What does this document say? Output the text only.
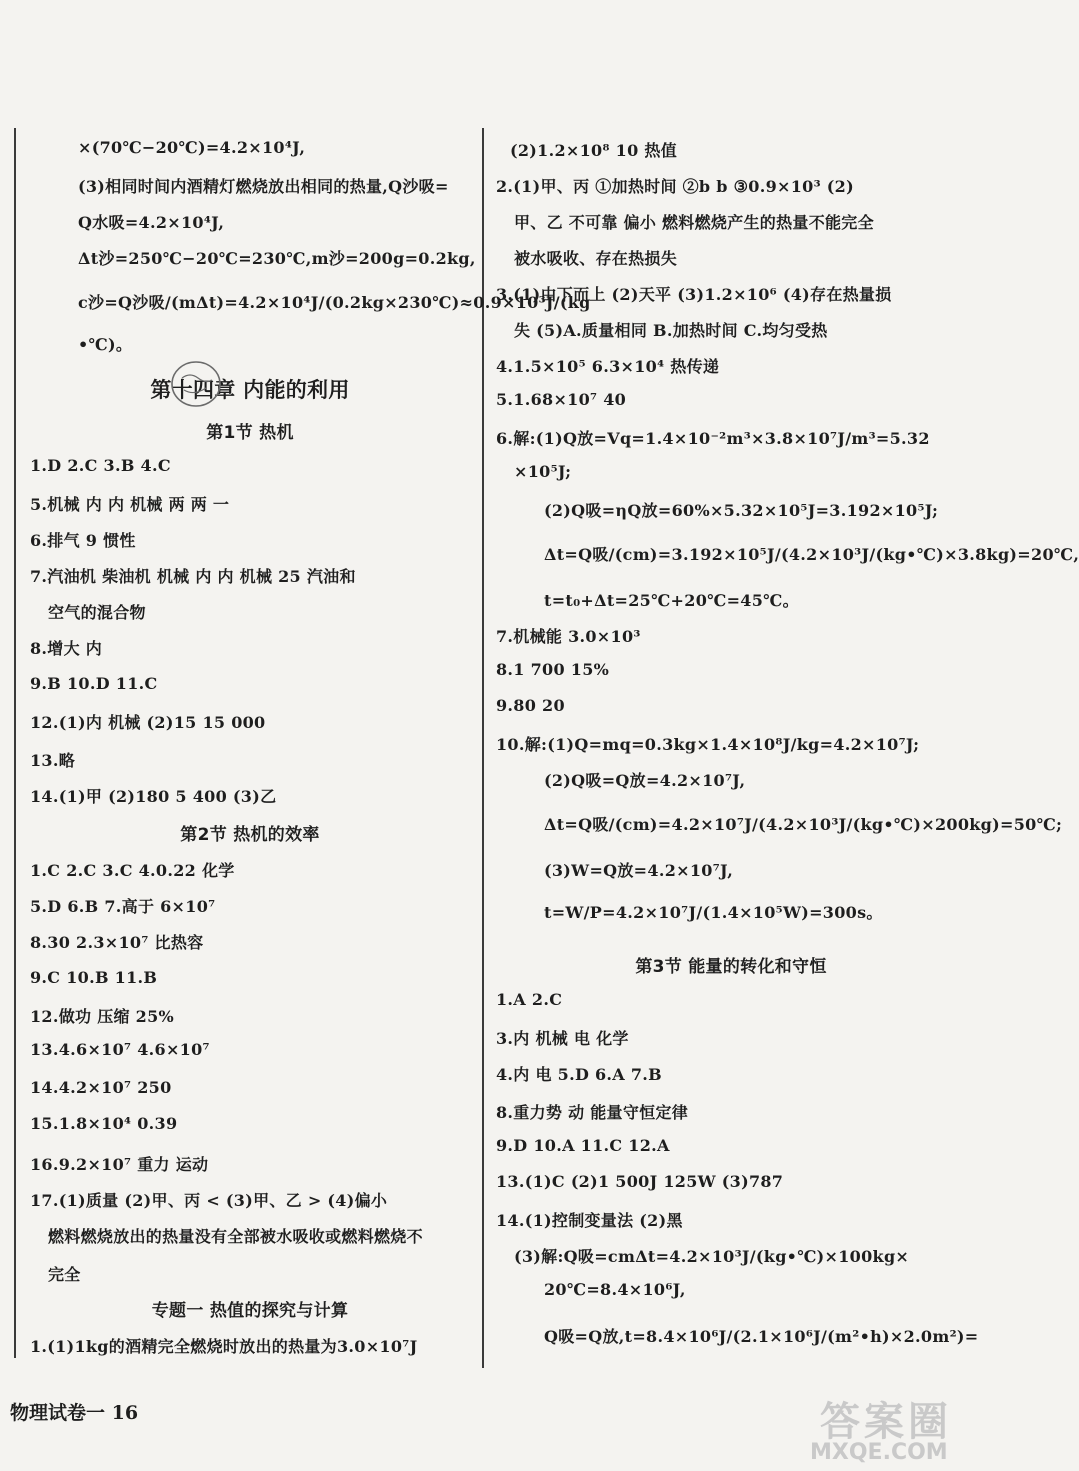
第十四章 内能的利用
第1节 热机
第2节 热机的效率
专题一 热值的探究与计算
×(70℃−20℃)=4.2×10⁴J,
(3)相同时间内酒精灯燃烧放出相同的热量,Q沙吸=
Q水吸=4.2×10⁴J,
Δt沙=250℃−20℃=230℃,m沙=200g=0.2kg,
c沙=Q沙吸/(mΔt)=4.2×10⁴J/(0.2kg×230℃)≈0.9×10³J/(kg
•℃)。
1.D 2.C 3.B 4.C
5.机械 内 内 机械 两 两 一
6.排气 9 惯性
7.汽油机 柴油机 机械 内 内 机械 25 汽油和
空气的混合物
8.增大 内
9.B 10.D 11.C
12.(1)内 机械 (2)15 15 000
13.略
14.(1)甲 (2)180 5 400 (3)乙
1.C 2.C 3.C 4.0.22 化学
5.D 6.B 7.高于 6×10⁷
8.30 2.3×10⁷ 比热容
9.C 10.B 11.B
12.做功 压缩 25%
13.4.6×10⁷ 4.6×10⁷
14.4.2×10⁷ 250
15.1.8×10⁴ 0.39
16.9.2×10⁷ 重力 运动
17.(1)质量 (2)甲、丙 < (3)甲、乙 > (4)偏小
燃料燃烧放出的热量没有全部被水吸收或燃料燃烧不
完全
1.(1)1kg的酒精完全燃烧时放出的热量为3.0×10⁷J
第3节 能量的转化和守恒
(2)1.2×10⁸ 10 热值
2.(1)甲、丙 ①加热时间 ②b b ③0.9×10³ (2)
甲、乙 不可靠 偏小 燃料燃烧产生的热量不能完全
被水吸收、存在热损失
3.(1)由下而上 (2)天平 (3)1.2×10⁶ (4)存在热量损
失 (5)A.质量相同 B.加热时间 C.均匀受热
4.1.5×10⁵ 6.3×10⁴ 热传递
5.1.68×10⁷ 40
6.解:(1)Q放=Vq=1.4×10⁻²m³×3.8×10⁷J/m³=5.32
×10⁵J;
(2)Q吸=ηQ放=60%×5.32×10⁵J=3.192×10⁵J;
Δt=Q吸/(cm)=3.192×10⁵J/(4.2×10³J/(kg•℃)×3.8kg)=20℃,
t=t₀+Δt=25℃+20℃=45℃。
7.机械能 3.0×10³
8.1 700 15%
9.80 20
10.解:(1)Q=mq=0.3kg×1.4×10⁸J/kg=4.2×10⁷J;
(2)Q吸=Q放=4.2×10⁷J,
Δt=Q吸/(cm)=4.2×10⁷J/(4.2×10³J/(kg•℃)×200kg)=50℃;
(3)W=Q放=4.2×10⁷J,
t=W/P=4.2×10⁷J/(1.4×10⁵W)=300s。
1.A 2.C
3.内 机械 电 化学
4.内 电 5.D 6.A 7.B
8.重力势 动 能量守恒定律
9.D 10.A 11.C 12.A
13.(1)C (2)1 500J 125W (3)787
14.(1)控制变量法 (2)黑
(3)解:Q吸=cmΔt=4.2×10³J/(kg•℃)×100kg×
20℃=8.4×10⁶J,
Q吸=Q放,t=8.4×10⁶J/(2.1×10⁶J/(m²•h)×2.0m²)=
物理试卷一 16	答案圈
MXQE.COM
